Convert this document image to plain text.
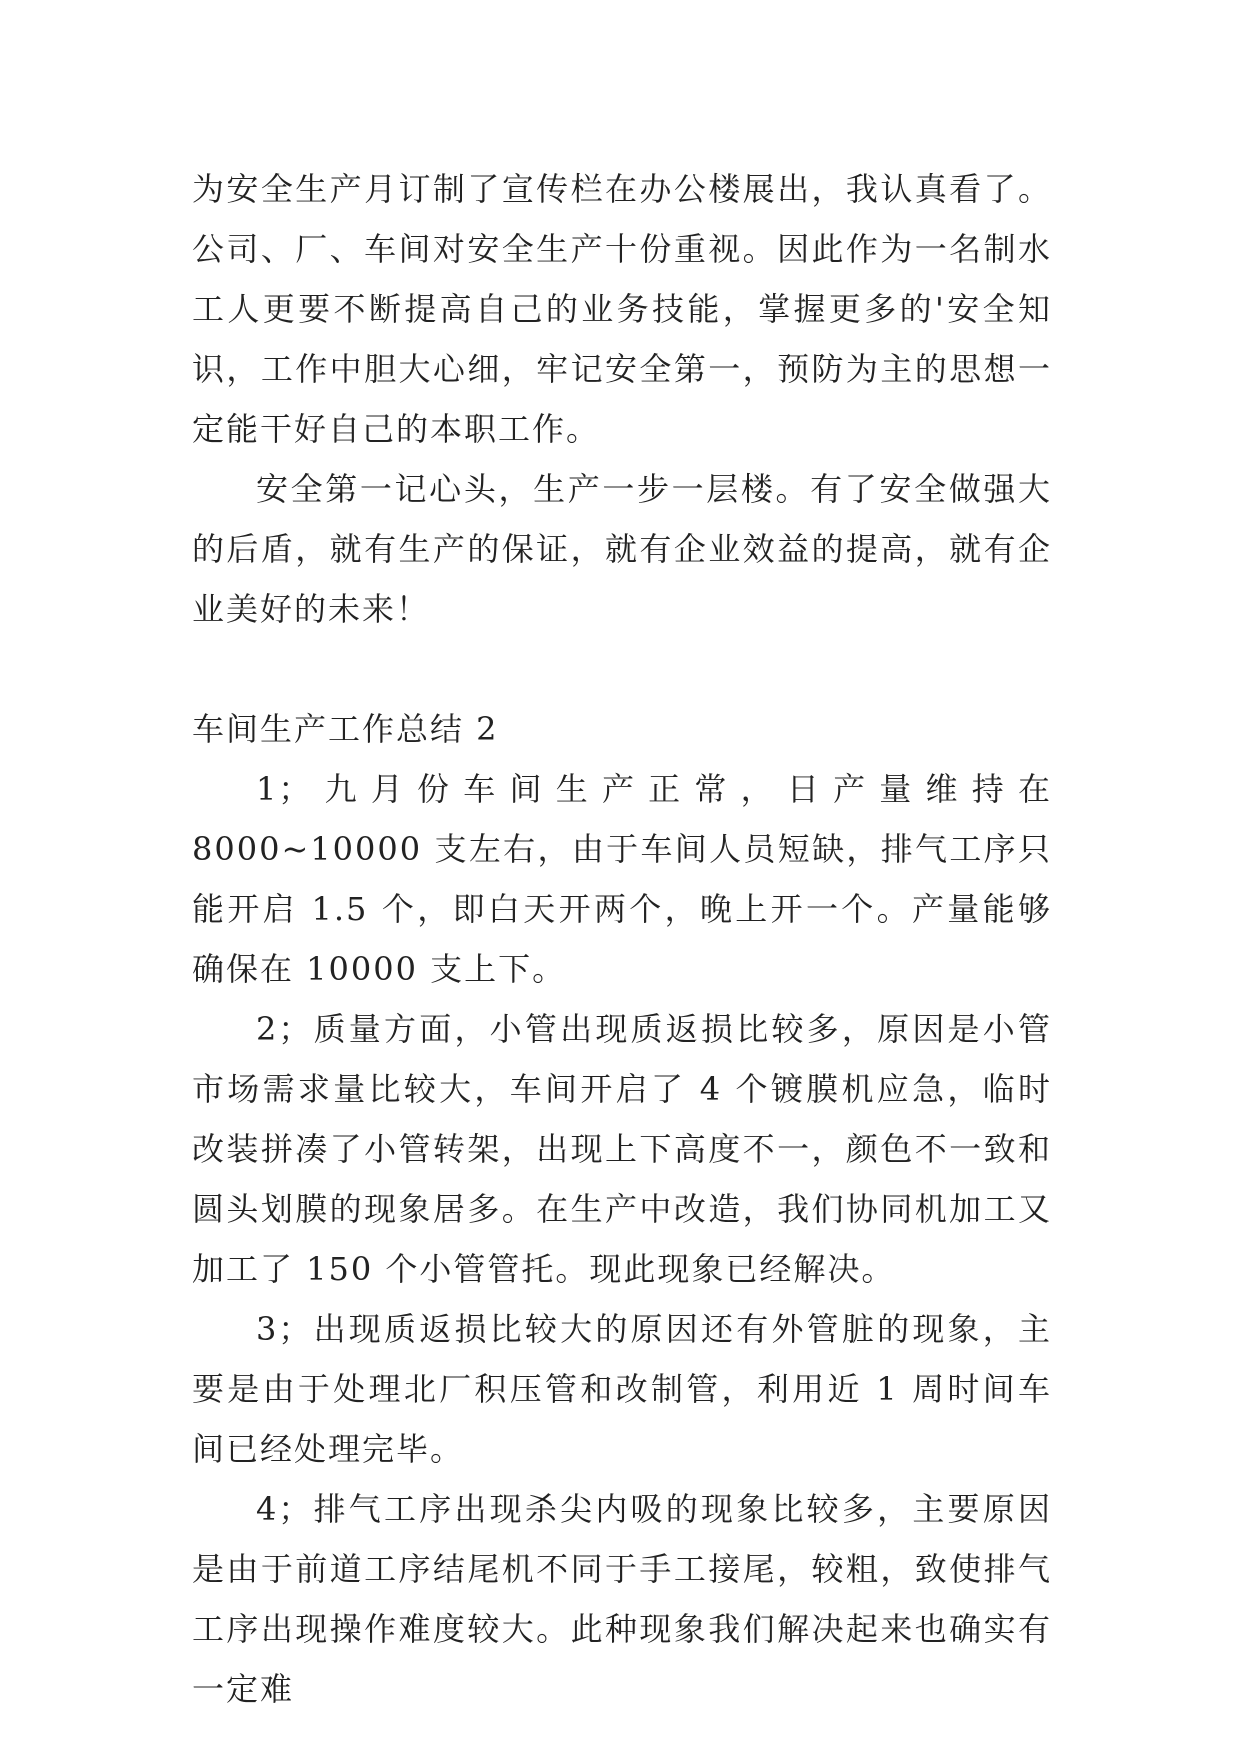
为安全生产月订制了宣传栏在办公楼展出，我认真看了。公司、厂、车间对安全生产十份重视。因此作为一名制水工人更要不断提高自己的业务技能，掌握更多的'安全知识，工作中胆大心细，牢记安全第一，预防为主的思想一定能干好自己的本职工作。

安全第一记心头，生产一步一层楼。有了安全做强大的后盾，就有生产的保证，就有企业效益的提高，就有企业美好的未来！

车间生产工作总结 2

1；九月份车间生产正常，日产量维持在 8000~10000 支左右，由于车间人员短缺，排气工序只能开启 1.5 个，即白天开两个，晚上开一个。产量能够确保在 10000 支上下。

2；质量方面，小管出现质返损比较多，原因是小管市场需求量比较大，车间开启了 4 个镀膜机应急，临时改装拼凑了小管转架，出现上下高度不一，颜色不一致和圆头划膜的现象居多。在生产中改造，我们协同机加工又加工了 150 个小管管托。现此现象已经解决。

3；出现质返损比较大的原因还有外管脏的现象，主要是由于处理北厂积压管和改制管，利用近 1 周时间车间已经处理完毕。

4；排气工序出现杀尖内吸的现象比较多，主要原因是由于前道工序结尾机不同于手工接尾，较粗，致使排气工序出现操作难度较大。此种现象我们解决起来也确实有一定难
